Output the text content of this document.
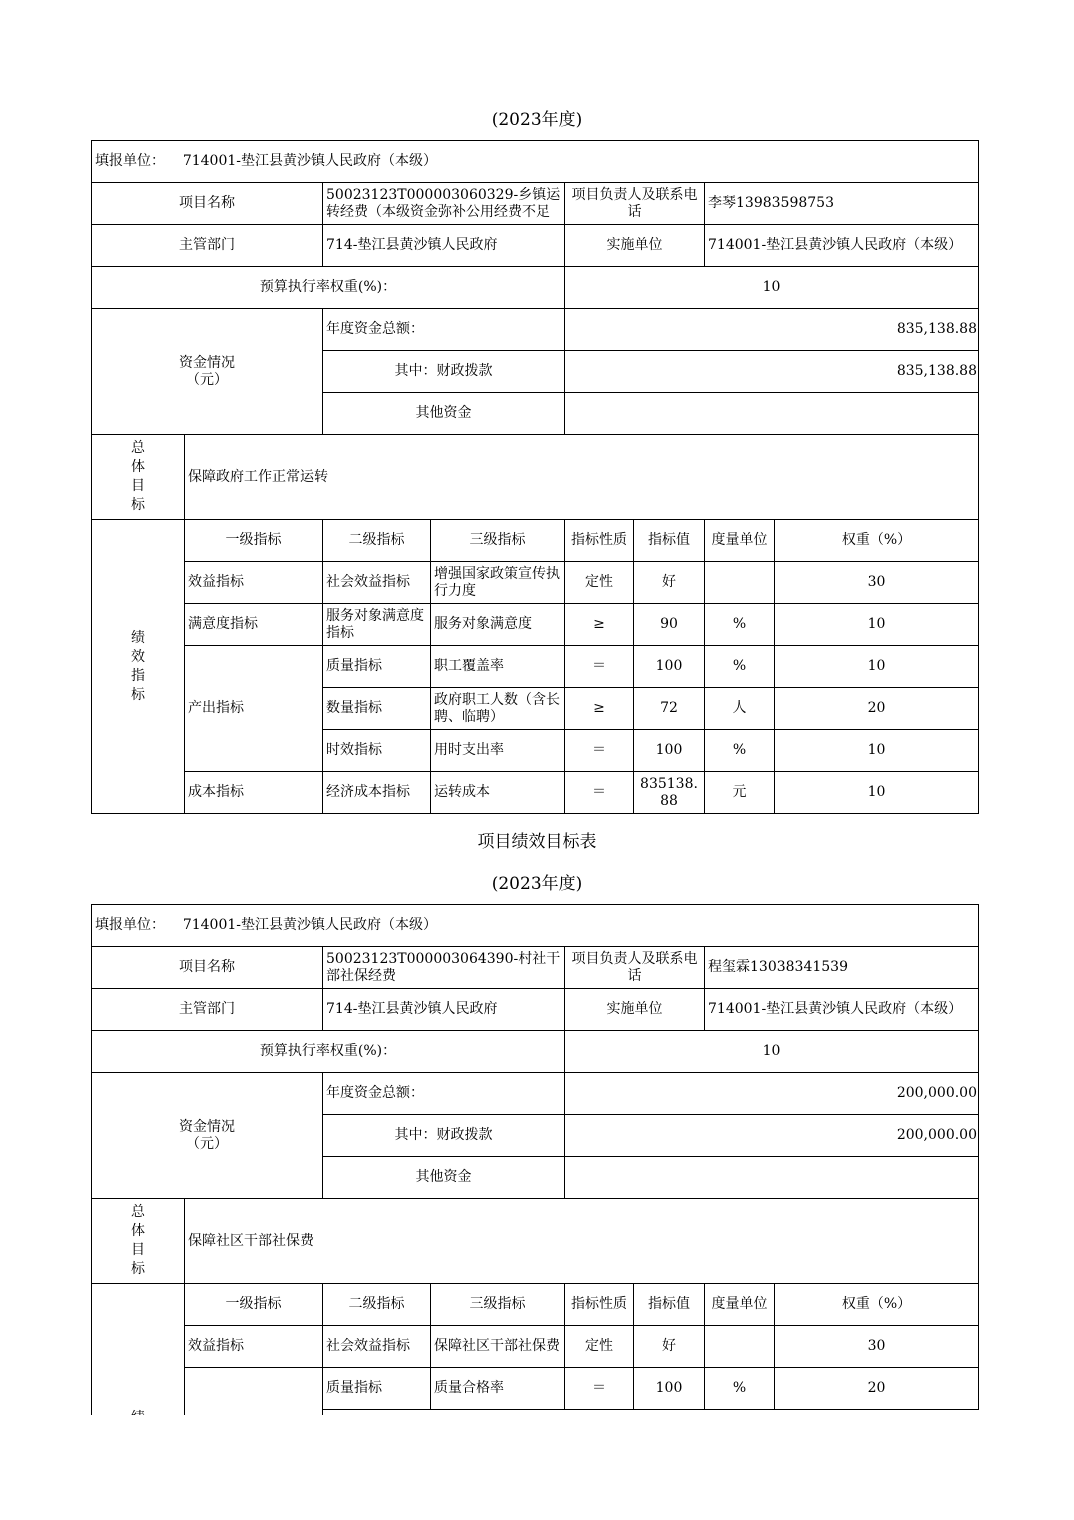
(2023年度)
填报单位： 714001-垫江县黄沙镇人民政府（本级）							
项目名称		50023123T000003060329-乡镇运转经费（本级资金弥补公用经费不足		项目负责人及联系电话		李琴13983598753	
主管部门		714-垫江县黄沙镇人民政府		实施单位		714001-垫江县黄沙镇人民政府（本级）	
预算执行率权重(%)：				10			
资金情况
（元）		年度资金总额：		835,138.88			
		其中：财政拨款		835,138.88			
		其他资金					
总
体
目
标	保障政府工作正常运转						
绩
效
指
标	一级指标	二级指标	三级指标	指标性质	指标值	度量单位	权重（%）
	效益指标	社会效益指标	增强国家政策宣传执行力度	定性	好		30
	满意度指标	服务对象满意度指标	服务对象满意度	≥	90	%	10
	产出指标	质量指标	职工覆盖率	＝	100	%	10
		数量指标	政府职工人数（含长聘、临聘）	≥	72	人	20
		时效指标	用时支出率	＝	100	%	10
	成本指标	经济成本指标	运转成本	＝	835138.88	元	10
项目绩效目标表
(2023年度)
填报单位： 714001-垫江县黄沙镇人民政府（本级）							
项目名称		50023123T000003064390-村社干部社保经费		项目负责人及联系电话		程玺霖13038341539	
主管部门		714-垫江县黄沙镇人民政府		实施单位		714001-垫江县黄沙镇人民政府（本级）	
预算执行率权重(%)：				10			
资金情况
（元）		年度资金总额：		200,000.00			
		其中：财政拨款		200,000.00			
		其他资金					
总
体
目
标	保障社区干部社保费						
	一级指标	二级指标	三级指标	指标性质	指标值	度量单位	权重（%）
	效益指标	社会效益指标	保障社区干部社保费	定性	好		30
		质量指标	质量合格率	＝	100	%	20
